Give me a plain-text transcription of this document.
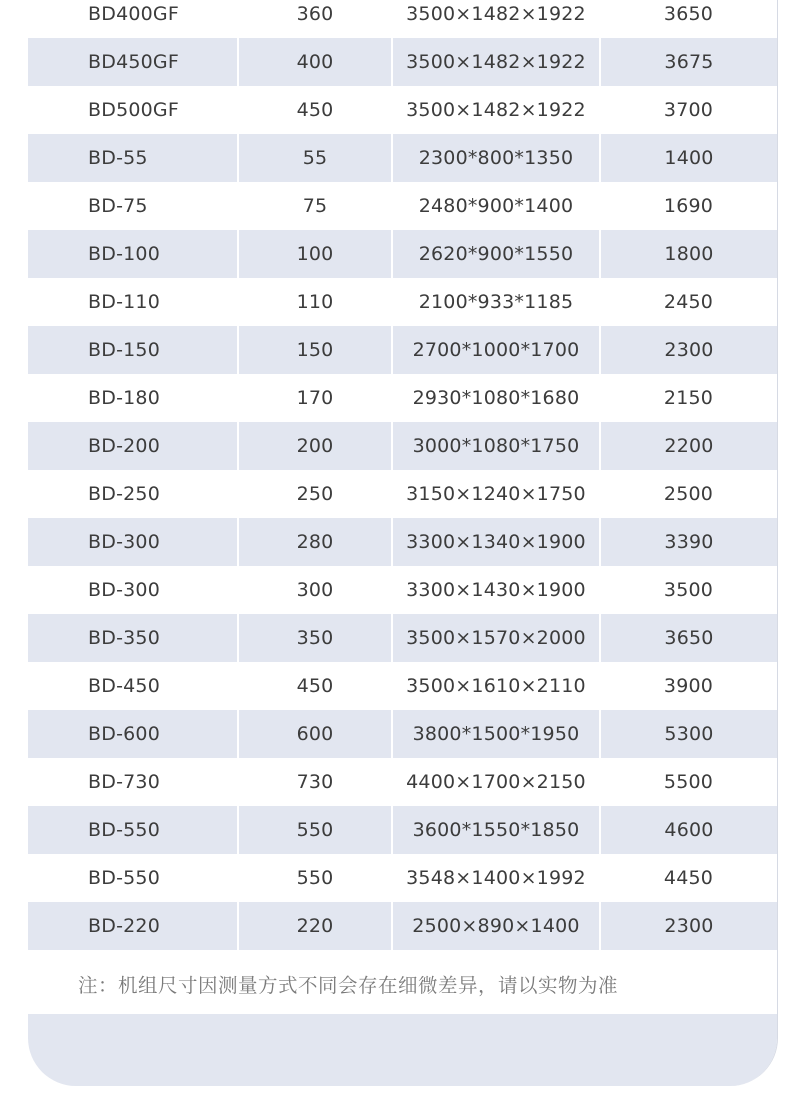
BD400GF	360	3500×1482×1922	3650
BD450GF	400	3500×1482×1922	3675
BD500GF	450	3500×1482×1922	3700
BD-55	55	2300*800*1350	1400
BD-75	75	2480*900*1400	1690
BD-100	100	2620*900*1550	1800
BD-110	110	2100*933*1185	2450
BD-150	150	2700*1000*1700	2300
BD-180	170	2930*1080*1680	2150
BD-200	200	3000*1080*1750	2200
BD-250	250	3150×1240×1750	2500
BD-300	280	3300×1340×1900	3390
BD-300	300	3300×1430×1900	3500
BD-350	350	3500×1570×2000	3650
BD-450	450	3500×1610×2110	3900
BD-600	600	3800*1500*1950	5300
BD-730	730	4400×1700×2150	5500
BD-550	550	3600*1550*1850	4600
BD-550	550	3548×1400×1992	4450
BD-220	220	2500×890×1400	2300
注：机组尺寸因测量方式不同会存在细微差异，请以实物为准
